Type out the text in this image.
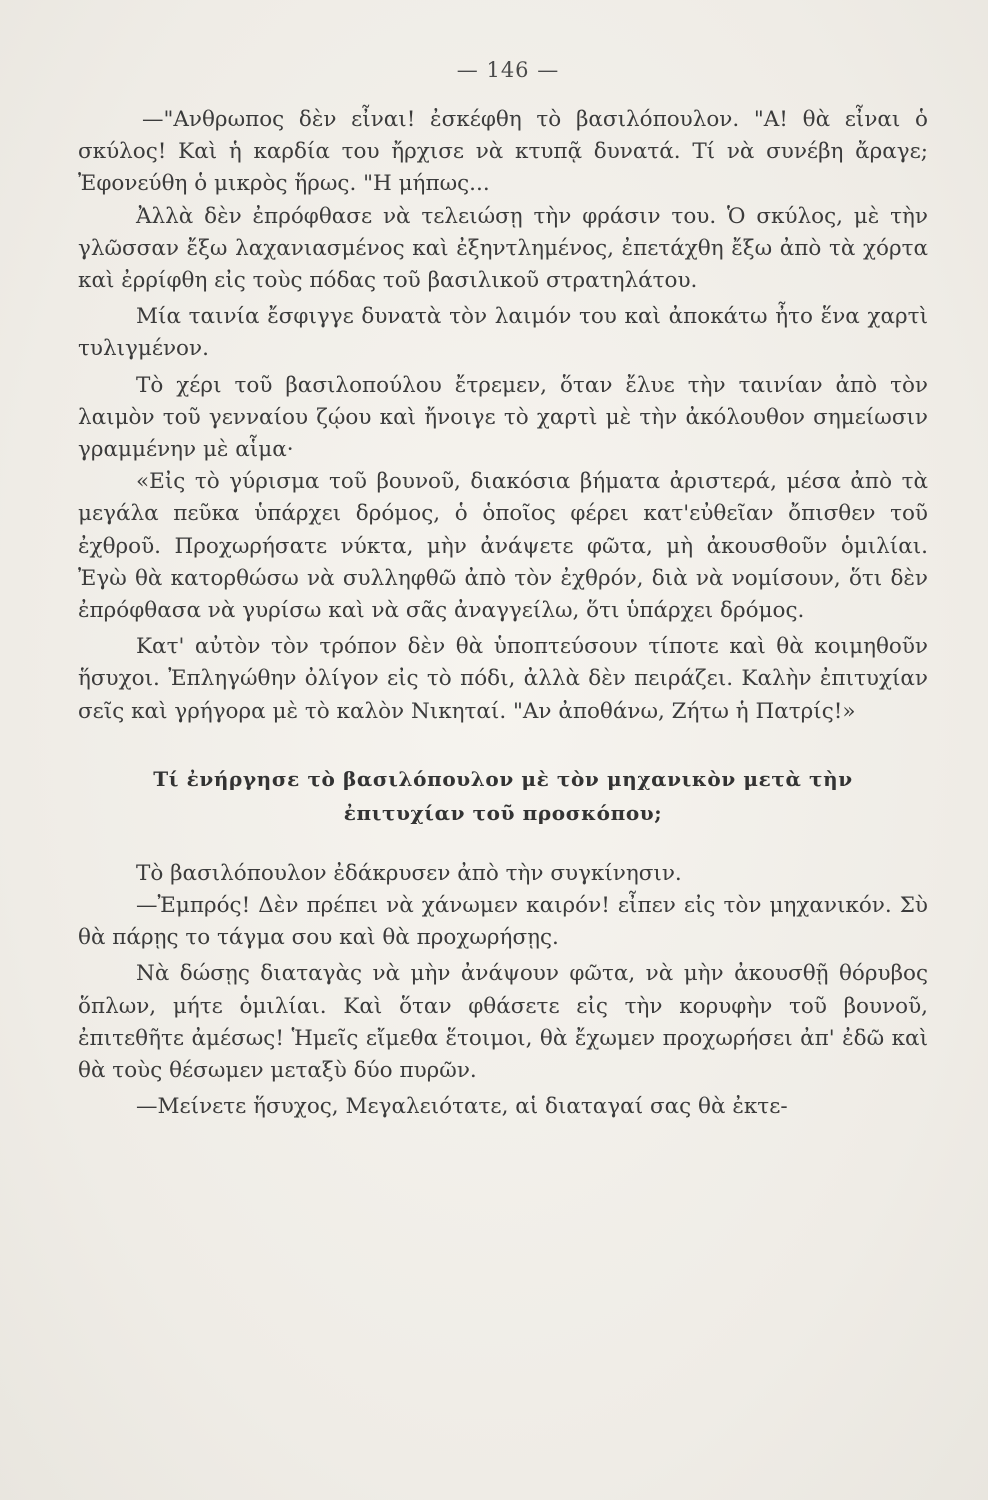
— 146 —

—"Ανθρωπος δὲν εἶναι! ἐσκέφθη τὸ βασιλόπουλον. "Α! θὰ εἶναι ὁ σκύλος! Καὶ ἡ καρδία του ἤρχισε νὰ κτυπᾷ δυνατά. Τί νὰ συνέβη ἄραγε; Ἐφονεύθη ὁ μικρὸς ἥρως. "Η μήπως...

Ἀλλὰ δὲν ἐπρόφθασε νὰ τελειώσῃ τὴν φράσιν του. Ὁ σκύλος, μὲ τὴν γλῶσσαν ἔξω λαχανιασμένος καὶ ἐξηντλημένος, ἐπετάχθη ἔξω ἀπὸ τὰ χόρτα καὶ ἐρρίφθη εἰς τοὺς πόδας τοῦ βασιλικοῦ στρατηλάτου.

Μία ταινία ἔσφιγγε δυνατὰ τὸν λαιμόν του καὶ ἀποκάτω ἦτο ἕνα χαρτὶ τυλιγμένον.

Τὸ χέρι τοῦ βασιλοπούλου ἔτρεμεν, ὅταν ἔλυε τὴν ταινίαν ἀπὸ τὸν λαιμὸν τοῦ γενναίου ζῴου καὶ ἤνοιγε τὸ χαρτὶ μὲ τὴν ἀκόλουθον σημείωσιν γραμμένην μὲ αἷμα·

«Εἰς τὸ γύρισμα τοῦ βουνοῦ, διακόσια βήματα ἀριστερά, μέσα ἀπὸ τὰ μεγάλα πεῦκα ὑπάρχει δρόμος, ὁ ὁποῖος φέρει κατ'εὐθεῖαν ὄπισθεν τοῦ ἐχθροῦ. Προχωρήσατε νύκτα, μὴν ἀνάψετε φῶτα, μὴ ἀκουσθοῦν ὁμιλίαι. Ἐγὼ θὰ κατορθώσω νὰ συλληφθῶ ἀπὸ τὸν ἐχθρόν, διὰ νὰ νομίσουν, ὅτι δὲν ἐπρόφθασα νὰ γυρίσω καὶ νὰ σᾶς ἀναγγείλω, ὅτι ὑπάρχει δρόμος.

Κατ' αὐτὸν τὸν τρόπον δὲν θὰ ὑποπτεύσουν τίποτε καὶ θὰ κοιμηθοῦν ἥσυχοι. Ἐπληγώθην ὀλίγον εἰς τὸ πόδι, ἀλλὰ δὲν πειράζει. Καλὴν ἐπιτυχίαν σεῖς καὶ γρήγορα μὲ τὸ καλὸν Νικηταί. "Αν ἀποθάνω, Ζήτω ἡ Πατρίς!»

Τί ἐνήργησε τὸ βασιλόπουλον μὲ τὸν μηχανικὸν μετὰ τὴν ἐπιτυχίαν τοῦ προσκόπου;

Τὸ βασιλόπουλον ἐδάκρυσεν ἀπὸ τὴν συγκίνησιν.

—Ἐμπρός! Δὲν πρέπει νὰ χάνωμεν καιρόν! εἶπεν εἰς τὸν μηχανικόν. Σὺ θὰ πάρῃς το τάγμα σου καὶ θὰ προχωρήσῃς.

Νὰ δώσῃς διαταγὰς νὰ μὴν ἀνάψουν φῶτα, νὰ μὴν ἀκουσθῇ θόρυβος ὅπλων, μήτε ὁμιλίαι. Καὶ ὅταν φθάσετε εἰς τὴν κορυφὴν τοῦ βουνοῦ, ἐπιτεθῆτε ἀμέσως! Ἡμεῖς εἴμεθα ἕτοιμοι, θὰ ἔχωμεν προχωρήσει ἀπ' ἐδῶ καὶ θὰ τοὺς θέσωμεν μεταξὺ δύο πυρῶν.

—Μείνετε ἥσυχος, Μεγαλειότατε, αἱ διαταγαί σας θὰ ἐκτε-
